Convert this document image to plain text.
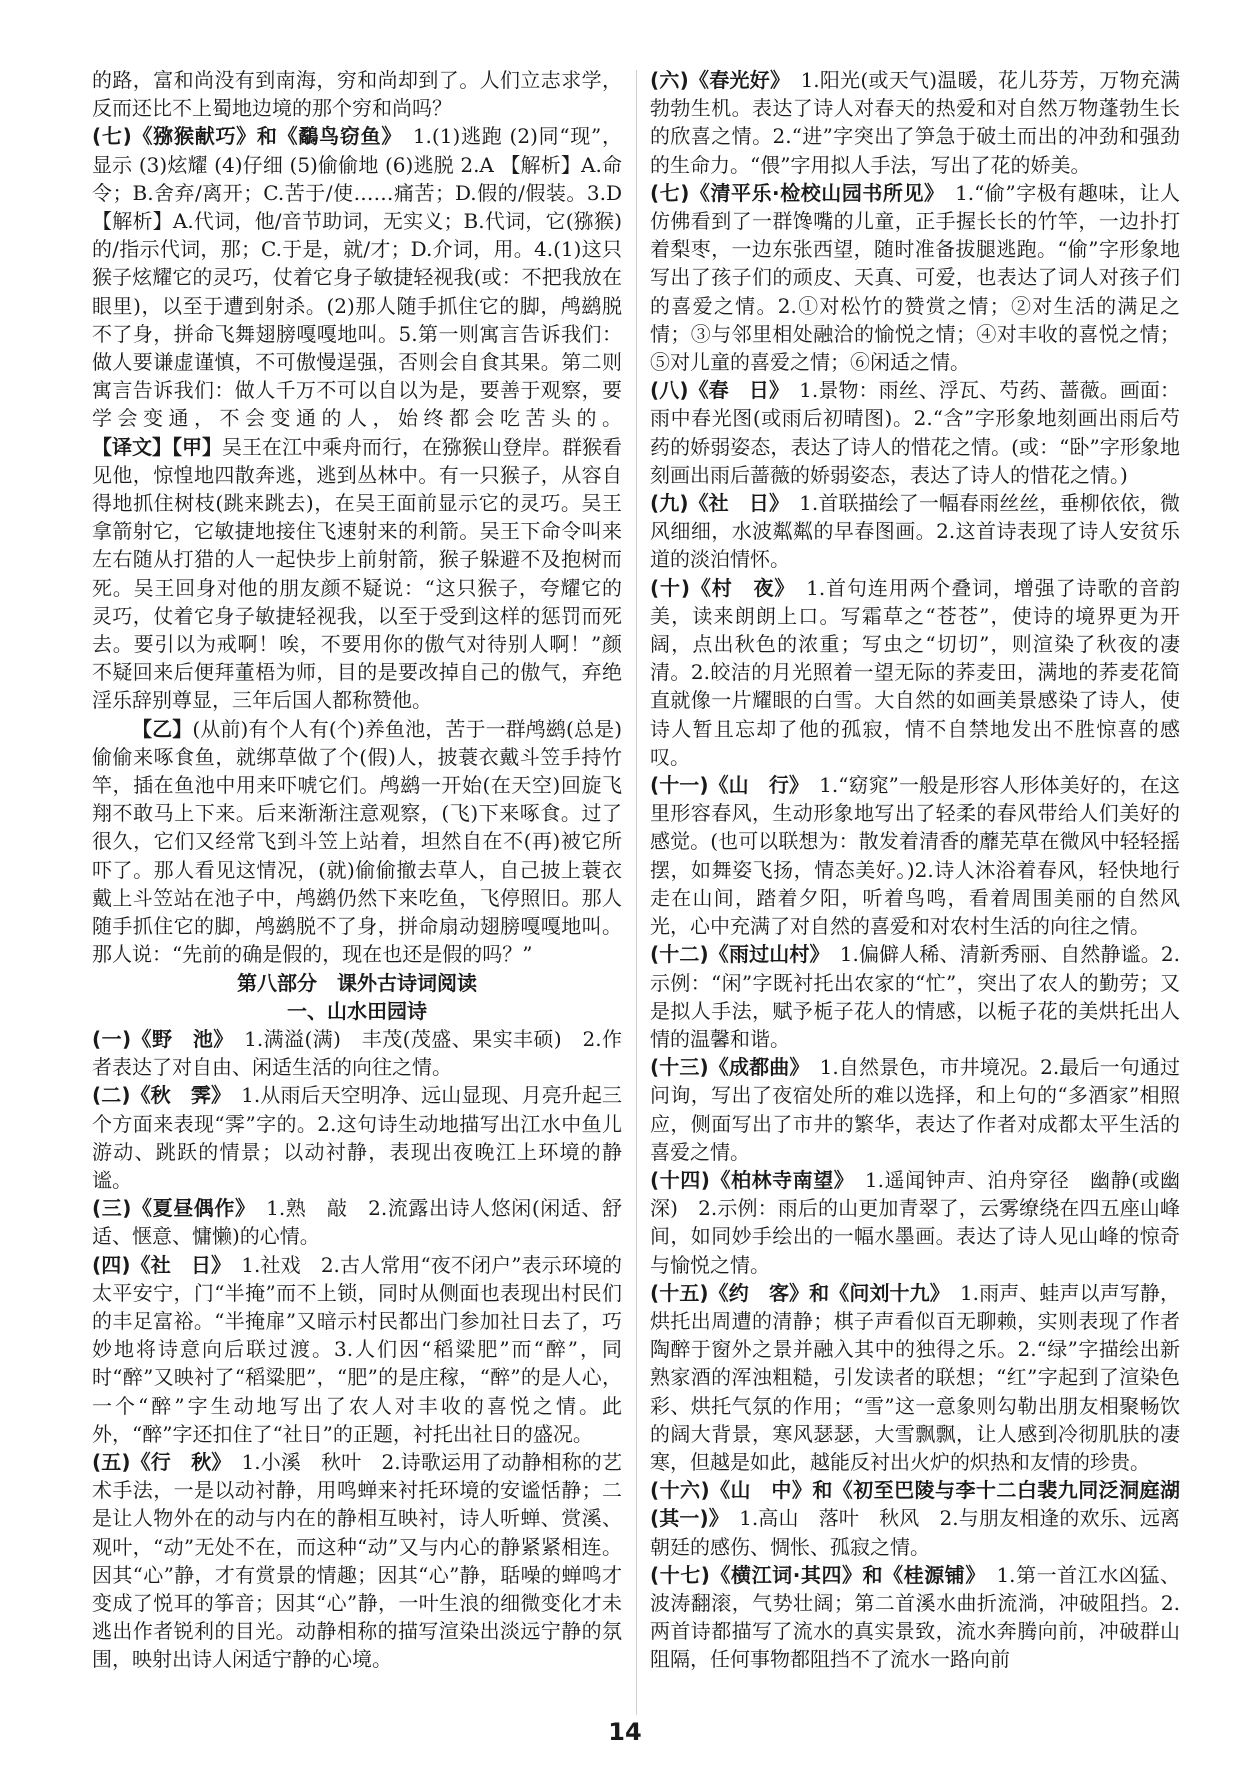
的路，富和尚没有到南海，穷和尚却到了。人们立志求学，反而还比不上蜀地边境的那个穷和尚吗？

(七)《猕猴献巧》和《鷸鸟窃鱼》　 1.(1)逃跑 (2)同“现”，显示 (3)炫耀 (4)仔细 (5)偷偷地 (6)逃脱 2.A 【解析】A.命令；B.舍弃/离开；C.苦于/使……痛苦；D.假的/假装。3.D 【解析】A.代词，他/音节助词，无实义；B.代词，它(猕猴)的/指示代词，那；C.于是，就/才；D.介词，用。4.(1)这只猴子炫耀它的灵巧，仗着它身子敏捷轻视我(或：不把我放在眼里)，以至于遭到射杀。(2)那人随手抓住它的脚，鸬鹚脱不了身，拼命飞舞翅膀嘎嘎地叫。5.第一则寓言告诉我们：做人要谦虚谨慎，不可傲慢逞强，否则会自食其果。第二则寓言告诉我们：做人千万不可以自以为是，要善于观察，要学会变通，不会变通的人，始终都会吃苦头的。【译文】【甲】吴王在江中乘舟而行，在猕猴山登岸。群猴看见他，惊惶地四散奔逃，逃到丛林中。有一只猴子，从容自得地抓住树枝(跳来跳去)，在吴王面前显示它的灵巧。吴王拿箭射它，它敏捷地接住飞速射来的利箭。吴王下命令叫来左右随从打猎的人一起快步上前射箭，猴子躲避不及抱树而死。吴王回身对他的朋友颜不疑说：“这只猴子，夸耀它的灵巧，仗着它身子敏捷轻视我，以至于受到这样的惩罚而死去。要引以为戒啊！唉，不要用你的傲气对待别人啊！”颜不疑回来后便拜董梧为师，目的是要改掉自己的傲气，弃绝淫乐辞别尊显，三年后国人都称赞他。

【乙】(从前)有个人有(个)养鱼池，苦于一群鸬鹚(总是)偷偷来啄食鱼，就绑草做了个(假)人，披蓑衣戴斗笠手持竹竿，插在鱼池中用来吓唬它们。鸬鹚一开始(在天空)回旋飞翔不敢马上下来。后来渐渐注意观察，(飞)下来啄食。过了很久，它们又经常飞到斗笠上站着，坦然自在不(再)被它所吓了。那人看见这情况，(就)偷偷撤去草人，自己披上蓑衣戴上斗笠站在池子中，鸬鹚仍然下来吃鱼，飞停照旧。那人随手抓住它的脚，鸬鹚脱不了身，拼命扇动翅膀嘎嘎地叫。那人说：“先前的确是假的，现在也还是假的吗？”

第八部分　课外古诗词阅读

一、山水田园诗

(一)《野　池》　 1.满溢(满)　丰茂(茂盛、果实丰硕)　2.作者表达了对自由、闲适生活的向往之情。

(二)《秋　霁》　 1.从雨后天空明净、远山显现、月亮升起三个方面来表现“霁”字的。2.这句诗生动地描写出江水中鱼儿游动、跳跃的情景；以动衬静，表现出夜晚江上环境的静谧。

(三)《夏昼偶作》　 1.熟　敲　2.流露出诗人悠闲(闲适、舒适、惬意、慵懒)的心情。

(四)《社　日》　 1.社戏　2.古人常用“夜不闭户”表示环境的太平安宁，门“半掩”而不上锁，同时从侧面也表现出村民们的丰足富裕。“半掩扉”又暗示村民都出门参加社日去了，巧妙地将诗意向后联过渡。3.人们因“稻粱肥”而“醉”，同时“醉”又映衬了“稻粱肥”，“肥”的是庄稼，“醉”的是人心，一个“醉”字生动地写出了农人对丰收的喜悦之情。此外，“醉”字还扣住了“社日”的正题，衬托出社日的盛况。

(五)《行　秋》　 1.小溪　秋叶　2.诗歌运用了动静相称的艺术手法，一是以动衬静，用鸣蝉来衬托环境的安谧恬静；二是让人物外在的动与内在的静相互映衬，诗人听蝉、赏溪、观叶，“动”无处不在，而这种“动”又与内心的静紧紧相连。因其“心”静，才有赏景的情趣；因其“心”静，聒噪的蝉鸣才变成了悦耳的筝音；因其“心”静，一叶生浪的细微变化才未逃出作者锐利的目光。动静相称的描写渲染出淡远宁静的氛围，映射出诗人闲适宁静的心境。

(六)《春光好》　 1.阳光(或天气)温暖，花儿芬芳，万物充满勃勃生机。表达了诗人对春天的热爱和对自然万物蓬勃生长的欣喜之情。2.“进”字突出了笋急于破土而出的冲劲和强劲的生命力。“偎”字用拟人手法，写出了花的娇美。

(七)《清平乐·检校山园书所见》　 1.“偷”字极有趣味，让人仿佛看到了一群馋嘴的儿童，正手握长长的竹竿，一边扑打着梨枣，一边东张西望，随时准备拔腿逃跑。“偷”字形象地写出了孩子们的顽皮、天真、可爱，也表达了词人对孩子们的喜爱之情。2.①对松竹的赞赏之情；②对生活的满足之情；③与邻里相处融洽的愉悦之情；④对丰收的喜悦之情；⑤对儿童的喜爱之情；⑥闲适之情。

(八)《春　日》　 1.景物：雨丝、浮瓦、芍药、蔷薇。画面：雨中春光图(或雨后初晴图)。2.“含”字形象地刻画出雨后芍药的娇弱姿态，表达了诗人的惜花之情。(或：“卧”字形象地刻画出雨后蔷薇的娇弱姿态，表达了诗人的惜花之情。)

(九)《社　日》　 1.首联描绘了一幅春雨丝丝，垂柳依依，微风细细，水波粼粼的早春图画。2.这首诗表现了诗人安贫乐道的淡泊情怀。

(十)《村　夜》　 1.首句连用两个叠词，增强了诗歌的音韵美，读来朗朗上口。写霜草之“苍苍”，使诗的境界更为开阔，点出秋色的浓重；写虫之“切切”，则渲染了秋夜的凄清。2.皎洁的月光照着一望无际的荞麦田，满地的荞麦花简直就像一片耀眼的白雪。大自然的如画美景感染了诗人，使诗人暂且忘却了他的孤寂，情不自禁地发出不胜惊喜的感叹。

(十一)《山　行》　 1.“窈窕”一般是形容人形体美好的，在这里形容春风，生动形象地写出了轻柔的春风带给人们美好的感觉。(也可以联想为：散发着清香的蘼芜草在微风中轻轻摇摆，如舞姿飞扬，情态美好。)2.诗人沐浴着春风，轻快地行走在山间，踏着夕阳，听着鸟鸣，看着周围美丽的自然风光，心中充满了对自然的喜爱和对农村生活的向往之情。

(十二)《雨过山村》　 1.偏僻人稀、清新秀丽、自然静谧。2.示例：“闲”字既衬托出农家的“忙”，突出了农人的勤劳；又是拟人手法，赋予栀子花人的情感，以栀子花的美烘托出人情的温馨和谐。

(十三)《成都曲》　 1.自然景色，市井境况。2.最后一句通过问询，写出了夜宿处所的难以选择，和上句的“多酒家”相照应，侧面写出了市井的繁华，表达了作者对成都太平生活的喜爱之情。

(十四)《柏林寺南望》　 1.遥闻钟声、泊舟穿径　幽静(或幽深)　2.示例：雨后的山更加青翠了，云雾缭绕在四五座山峰间，如同妙手绘出的一幅水墨画。表达了诗人见山峰的惊奇与愉悦之情。

(十五)《约　客》和《问刘十九》　 1.雨声、蛙声以声写静，烘托出周遭的清静；棋子声看似百无聊赖，实则表现了作者陶醉于窗外之景并融入其中的独得之乐。2.“绿”字描绘出新熟家酒的浑浊粗糙，引发读者的联想；“红”字起到了渲染色彩、烘托气氛的作用；“雪”这一意象则勾勒出朋友相聚畅饮的阔大背景，寒风瑟瑟，大雪飘飘，让人感到冷彻肌肤的凄寒，但越是如此，越能反衬出火炉的炽热和友情的珍贵。

(十六)《山　中》和《初至巴陵与李十二白裴九同泛洞庭湖(其一)》　 1.高山　落叶　秋风　2.与朋友相逢的欢乐、远离朝廷的感伤、惆怅、孤寂之情。

(十七)《横江词·其四》和《桂源铺》　 1.第一首江水凶猛、波涛翻滚，气势壮阔；第二首溪水曲折流淌，冲破阻挡。2.两首诗都描写了流水的真实景致，流水奔腾向前，冲破群山阻隔，任何事物都阻挡不了流水一路向前

14
